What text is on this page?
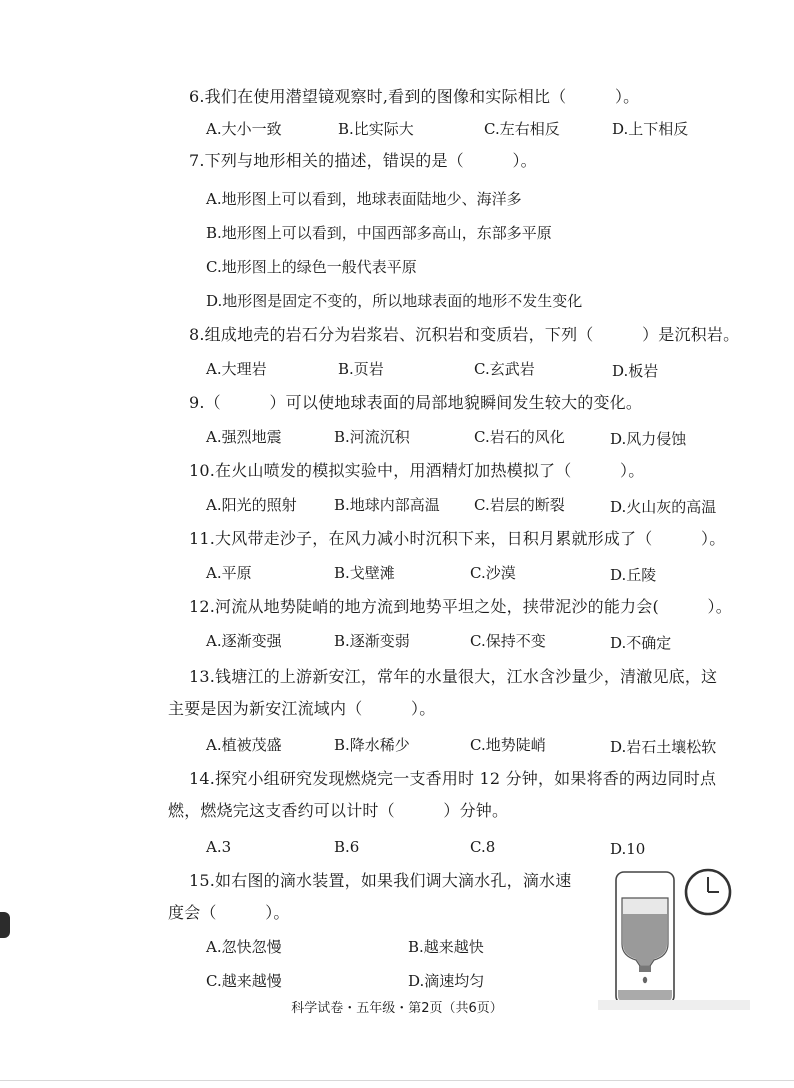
6.我们在使用潜望镜观察时,看到的图像和实际相比（　　　）。
A.大小一致	B.比实际大	C.左右相反	D.上下相反
7.下列与地形相关的描述，错误的是（　　　）。
A.地形图上可以看到，地球表面陆地少、海洋多
B.地形图上可以看到，中国西部多高山，东部多平原
C.地形图上的绿色一般代表平原
D.地形图是固定不变的，所以地球表面的地形不发生变化
8.组成地壳的岩石分为岩浆岩、沉积岩和变质岩，下列（　　　）是沉积岩。
A.大理岩	B.页岩	C.玄武岩	D.板岩
9.（　　　）可以使地球表面的局部地貌瞬间发生较大的变化。
A.强烈地震	B.河流沉积	C.岩石的风化	D.风力侵蚀
10.在火山喷发的模拟实验中，用酒精灯加热模拟了（　　　）。
A.阳光的照射 B.地球内部高温 C.岩层的断裂	D.火山灰的高温
11.大风带走沙子，在风力减小时沉积下来，日积月累就形成了（　　　）。
A.平原	B.戈壁滩	C.沙漠	D.丘陵
12.河流从地势陡峭的地方流到地势平坦之处，挟带泥沙的能力会(　　　）。
A.逐渐变强	B.逐渐变弱	C.保持不变	D.不确定
13.钱塘江的上游新安江，常年的水量很大，江水含沙量少，清澈见底，这
主要是因为新安江流域内（　　　）。
A.植被茂盛	B.降水稀少	C.地势陡峭	D.岩石土壤松软
14.探究小组研究发现燃烧完一支香用时 12 分钟，如果将香的两边同时点
燃，燃烧完这支香约可以计时（　　　）分钟。
A.3	B.6	C.8	D.10
15.如右图的滴水装置，如果我们调大滴水孔，滴水速
度会（　　　）。
A.忽快忽慢	B.越来越快
C.越来越慢	D.滴速均匀
科学试卷・五年级・第2页（共6页）
